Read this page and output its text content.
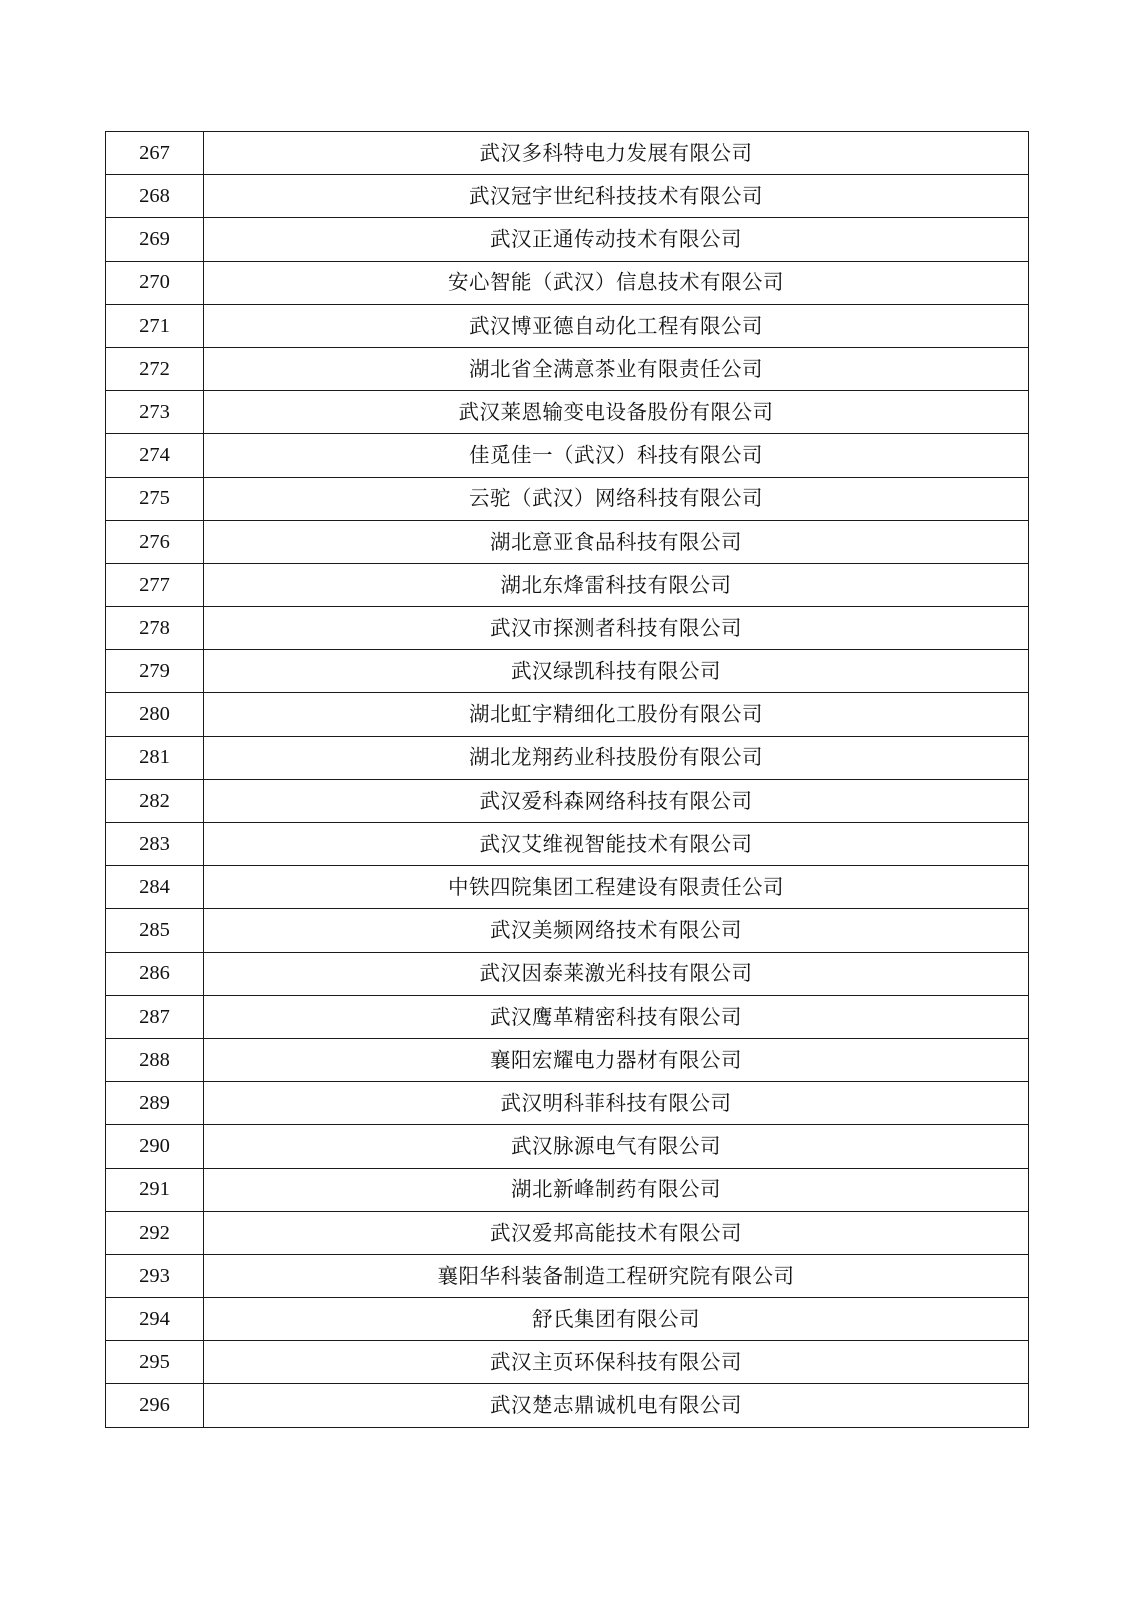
267	武汉多科特电力发展有限公司
268	武汉冠宇世纪科技技术有限公司
269	武汉正通传动技术有限公司
270	安心智能（武汉）信息技术有限公司
271	武汉博亚德自动化工程有限公司
272	湖北省全满意茶业有限责任公司
273	武汉莱恩输变电设备股份有限公司
274	佳觅佳一（武汉）科技有限公司
275	云驼（武汉）网络科技有限公司
276	湖北意亚食品科技有限公司
277	湖北东烽雷科技有限公司
278	武汉市探测者科技有限公司
279	武汉绿凯科技有限公司
280	湖北虹宇精细化工股份有限公司
281	湖北龙翔药业科技股份有限公司
282	武汉爱科森网络科技有限公司
283	武汉艾维视智能技术有限公司
284	中铁四院集团工程建设有限责任公司
285	武汉美频网络技术有限公司
286	武汉因泰莱激光科技有限公司
287	武汉鹰革精密科技有限公司
288	襄阳宏耀电力器材有限公司
289	武汉明科菲科技有限公司
290	武汉脉源电气有限公司
291	湖北新峰制药有限公司
292	武汉爱邦高能技术有限公司
293	襄阳华科装备制造工程研究院有限公司
294	舒氏集团有限公司
295	武汉主页环保科技有限公司
296	武汉楚志鼎诚机电有限公司
